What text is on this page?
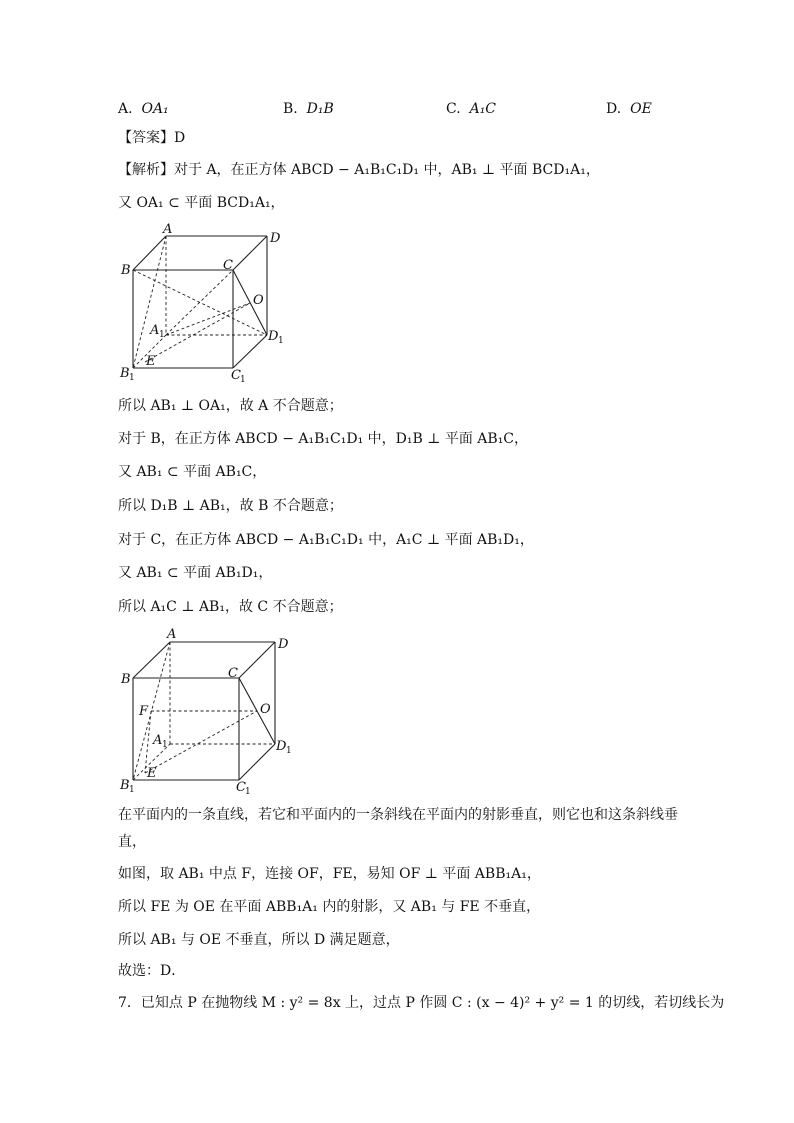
A. OA₁	B. D₁B	C. A₁C	D. OE
【答案】D
【解析】对于 A，在正方体 ABCD − A₁B₁C₁D₁ 中，AB₁ ⊥ 平面 BCD₁A₁，
又 OA₁ ⊂ 平面 BCD₁A₁，
A
D
B	C
O
A 1	D 1
E
B 1	C 1
所以 AB₁ ⊥ OA₁，故 A 不合题意；
对于 B，在正方体 ABCD − A₁B₁C₁D₁ 中，D₁B ⊥ 平面 AB₁C，
又 AB₁ ⊂ 平面 AB₁C，
所以 D₁B ⊥ AB₁，故 B 不合题意；
对于 C，在正方体 ABCD − A₁B₁C₁D₁ 中，A₁C ⊥ 平面 AB₁D₁，
又 AB₁ ⊂ 平面 AB₁D₁，
所以 A₁C ⊥ AB₁，故 C 不合题意；
A
D
B	C
F	O
A 1	D 1
E
B 1	C 1
在平面内的一条直线，若它和平面内的一条斜线在平面内的射影垂直，则它也和这条斜线垂
直，
如图，取 AB₁ 中点 F，连接 OF，FE，易知 OF ⊥ 平面 ABB₁A₁，
所以 FE 为 OE 在平面 ABB₁A₁ 内的射影，又 AB₁ 与 FE 不垂直，
所以 AB₁ 与 OE 不垂直，所以 D 满足题意，
故选：D．
7．已知点 P 在抛物线 M : y² = 8x 上，过点 P 作圆 C : (x − 4)² + y² = 1 的切线，若切线长为
